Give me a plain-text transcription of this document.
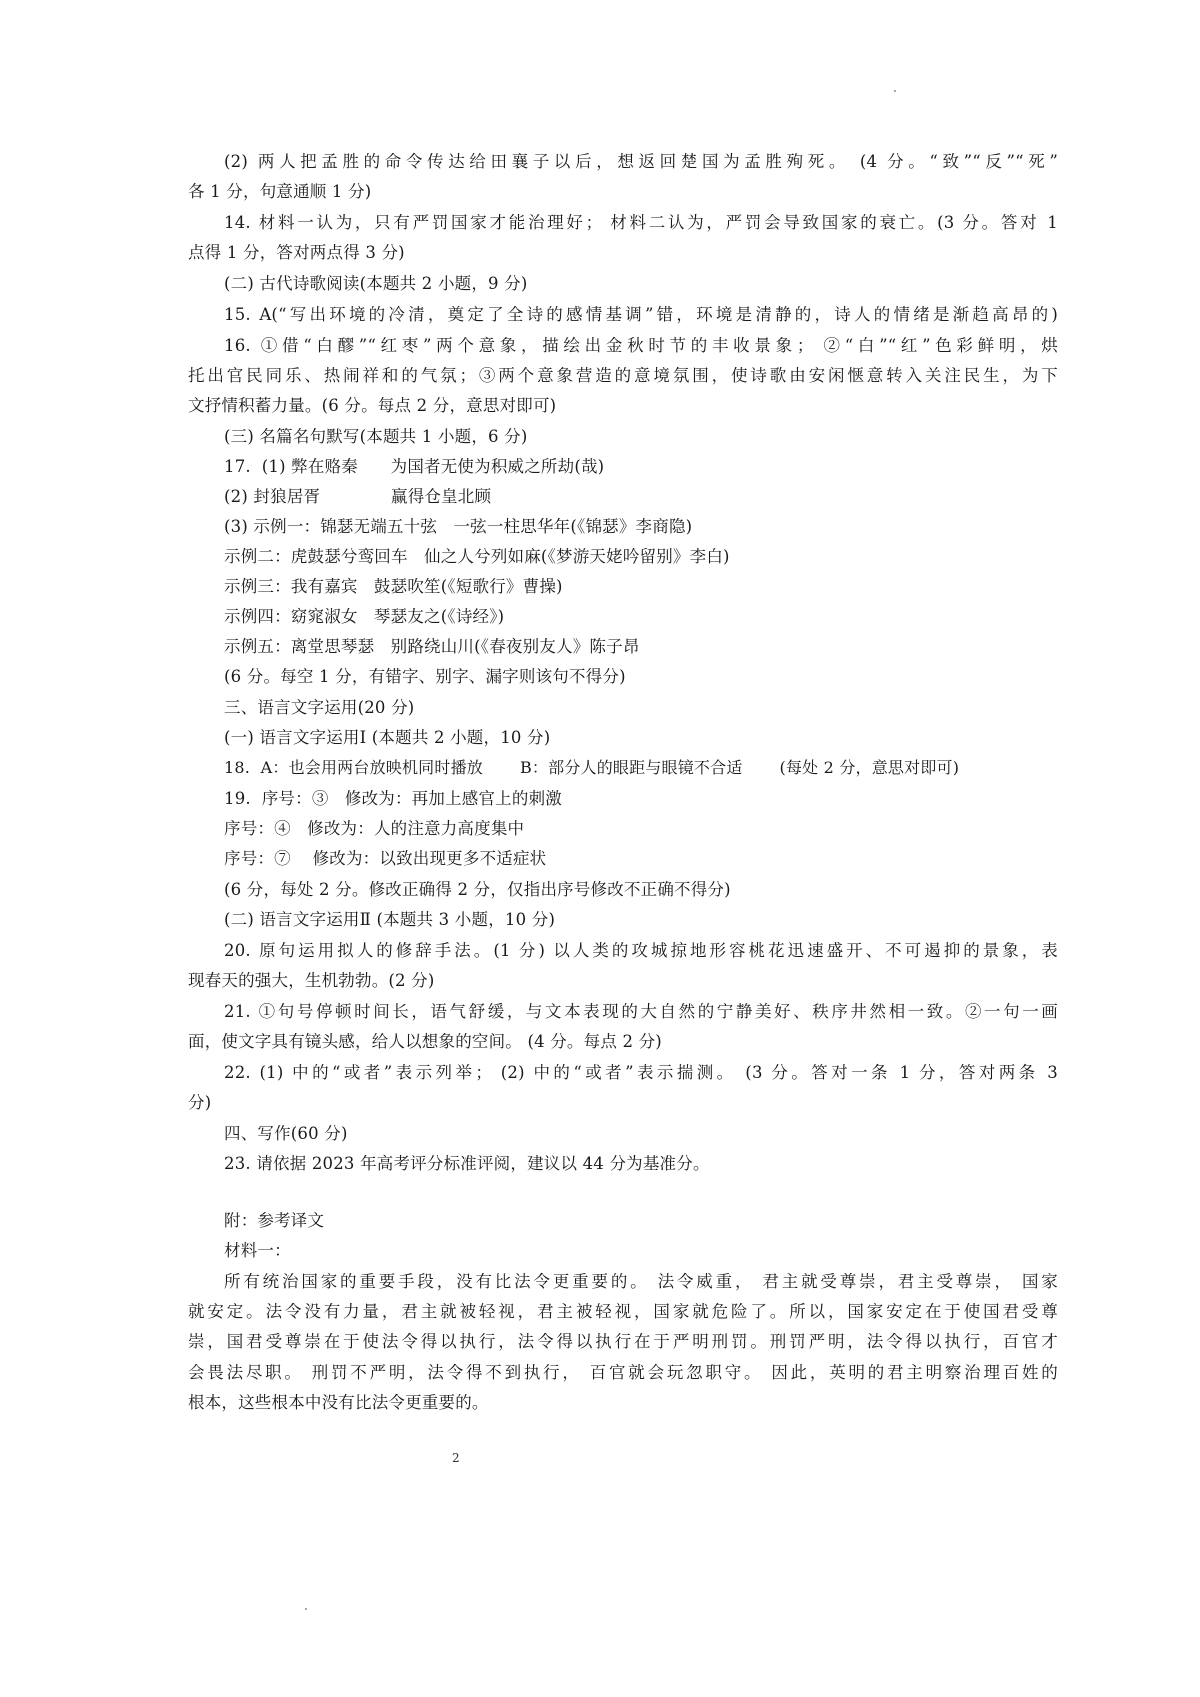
(2) 两人把孟胜的命令传达给田襄子以后，想返回楚国为孟胜殉死。 (4 分。“致”“反”“死”
各 1 分，句意通顺 1 分)
14. 材料一认为，只有严罚国家才能治理好； 材料二认为，严罚会导致国家的衰亡。(3 分。答对 1
点得 1 分，答对两点得 3 分)
(二) 古代诗歌阅读(本题共 2 小题，9 分)
15. A(“写出环境的冷清，奠定了全诗的感情基调”错，环境是清静的，诗人的情绪是渐趋高昂的)
16. ①借“白醪”“红枣”两个意象，描绘出金秋时节的丰收景象； ②“白”“红”色彩鲜明，烘
托出官民同乐、热闹祥和的气氛；③两个意象营造的意境氛围，使诗歌由安闲惬意转入关注民生，为下
文抒情积蓄力量。(6 分。每点 2 分，意思对即可)
(三) 名篇名句默写(本题共 1 小题，6 分)
17.  (1) 弊在赂秦      为国者无使为积威之所劫(哉)
(2) 封狼居胥             赢得仓皇北顾
(3) 示例一：锦瑟无端五十弦   一弦一柱思华年(《锦瑟》李商隐)
示例二：虎鼓瑟兮鸾回车   仙之人兮列如麻(《梦游天姥吟留别》李白)
示例三：我有嘉宾   鼓瑟吹笙(《短歌行》曹操)
示例四：窈窕淑女   琴瑟友之(《诗经》)
示例五：离堂思琴瑟   别路绕山川(《春夜别友人》陈子昂
(6 分。每空 1 分，有错字、别字、漏字则该句不得分)
三、语言文字运用(20 分)
(一) 语言文字运用Ⅰ (本题共 2 小题，10 分)
18.  A：也会用两台放映机同时播放       B：部分人的眼距与眼镜不合适       (每处 2 分，意思对即可)
19.  序号：③   修改为：再加上感官上的刺激
序号：④   修改为：人的注意力高度集中
序号：⑦    修改为：以致出现更多不适症状
(6 分，每处 2 分。修改正确得 2 分，仅指出序号修改不正确不得分)
(二) 语言文字运用Ⅱ (本题共 3 小题，10 分)
20. 原句运用拟人的修辞手法。(1 分) 以人类的攻城掠地形容桃花迅速盛开、不可遏抑的景象，表
现春天的强大，生机勃勃。(2 分)
21. ①句号停顿时间长，语气舒缓，与文本表现的大自然的宁静美好、秩序井然相一致。②一句一画
面，使文字具有镜头感，给人以想象的空间。 (4 分。每点 2 分)
22. (1) 中的“或者”表示列举； (2) 中的“或者”表示揣测。 (3 分。答对一条 1 分，答对两条 3
分)
四、写作(60 分)
23. 请依据 2023 年高考评分标准评阅，建议以 44 分为基准分。
附：参考译文
材料一：
所有统治国家的重要手段，没有比法令更重要的。 法令威重， 君主就受尊崇，君主受尊崇， 国家
就安定。法令没有力量，君主就被轻视，君主被轻视，国家就危险了。所以，国家安定在于使国君受尊
崇，国君受尊崇在于使法令得以执行，法令得以执行在于严明刑罚。刑罚严明，法令得以执行，百官才
会畏法尽职。 刑罚不严明，法令得不到执行， 百官就会玩忽职守。 因此，英明的君主明察治理百姓的
根本，这些根本中没有比法令更重要的。
2
